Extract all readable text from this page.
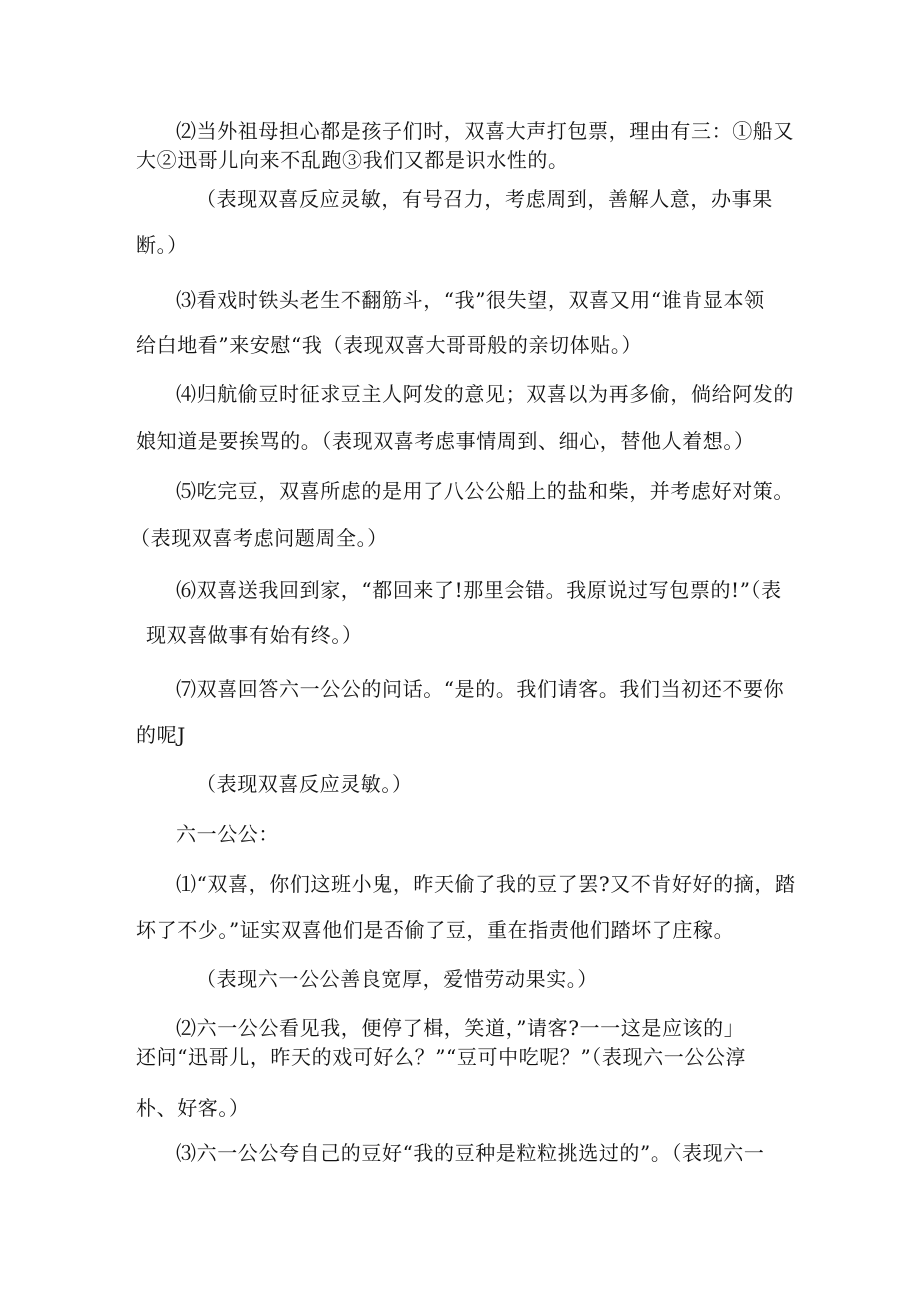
⑵当外祖母担心都是孩子们时，双喜大声打包票，理由有三：①船又

大②迅哥儿向来不乱跑③我们又都是识水性的。

（表现双喜反应灵敏，有号召力，考虑周到，善解人意，办事果

断。）

⑶看戏时铁头老生不翻筋斗，“我”很失望，双喜又用“谁肯显本领

给白地看”来安慰“我（表现双喜大哥哥般的亲切体贴。）

⑷归航偷豆时征求豆主人阿发的意见；双喜以为再多偷，倘给阿发的

娘知道是要挨骂的。（表现双喜考虑事情周到、细心，替他人着想。）

⑸吃完豆，双喜所虑的是用了八公公船上的盐和柴，并考虑好对策。

（表现双喜考虑问题周全。）

⑹双喜送我回到家，“都回来了!那里会错。我原说过写包票的!”（表

现双喜做事有始有终。）

⑺双喜回答六一公公的问话。“是的。我们请客。我们当初还不要你

的呢J

（表现双喜反应灵敏。）

六一公公：

⑴“双喜，你们这班小鬼，昨天偷了我的豆了罢?又不肯好好的摘，踏

坏了不少。”证实双喜他们是否偷了豆，重在指责他们踏坏了庄稼。

（表现六一公公善良宽厚，爱惜劳动果实。）

⑵六一公公看见我，便停了楫，笑道，”请客?一一这是应该的」

还问“迅哥儿，昨天的戏可好么？”“豆可中吃呢？”（表现六一公公淳

朴、好客。）

⑶六一公公夸自己的豆好“我的豆种是粒粒挑选过的”。（表现六一
